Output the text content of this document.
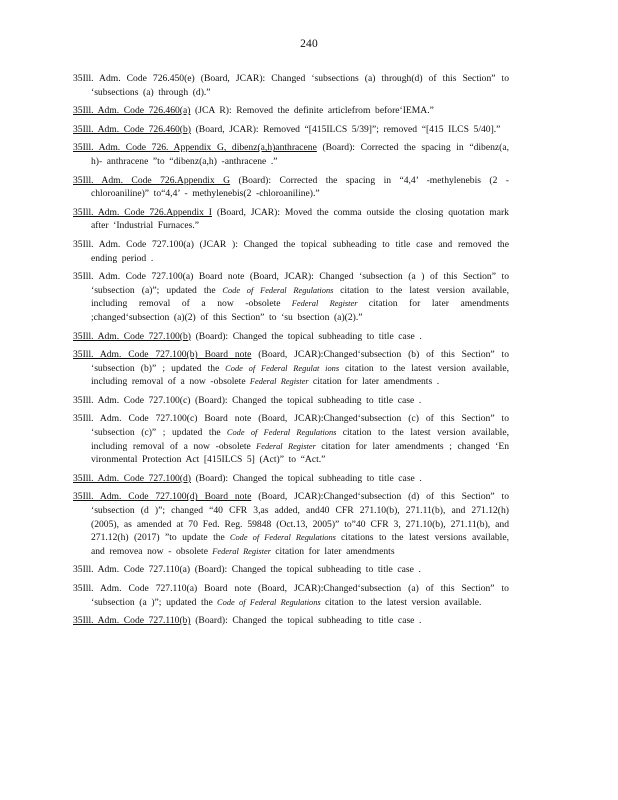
240
35Ill. Adm. Code 726.450(e) (Board, JCAR): Changed ‘subsections (a) through(d) of this Section” to ‘subsections (a) through (d).”
35Ill. Adm. Code 726.460(a) (JCA R): Removed the definite articlefrom before‘IEMA.”
35Ill. Adm. Code 726.460(b) (Board, JCAR): Removed “[415ILCS 5/39]”; removed “[415 ILCS 5/40].”
35Ill. Adm. Code 726. Appendix G, dibenz(a,h)anthracene (Board): Corrected the spacing in “dibenz(a, h)- anthracene ”to “dibenz(a,h) -anthracene .”
35Ill. Adm. Code 726.Appendix G (Board): Corrected the spacing in “4,4’ -methylenebis (2 -chloroaniline)” to“4,4’ - methylenebis(2 -chloroaniline).”
35Ill. Adm. Code 726.Appendix I (Board, JCAR): Moved the comma outside the closing quotation mark after ‘Industrial Furnaces.”
35Ill. Adm. Code 727.100(a) (JCAR ): Changed the topical subheading to title case and removed the ending period .
35Ill. Adm. Code 727.100(a) Board note (Board, JCAR): Changed ‘subsection (a ) of this Section” to ‘subsection (a)”; updated the Code of Federal Regulations citation to the latest version available, including removal of a now -obsolete Federal Register citation for later amendments ;changed‘subsection (a)(2) of this Section” to ‘su bsection (a)(2).”
35Ill. Adm. Code 727.100(b) (Board): Changed the topical subheading to title case .
35Ill. Adm. Code 727.100(b) Board note (Board, JCAR):Changed‘subsection (b) of this Section” to ‘subsection (b)” ; updated the Code of Federal Regulat ions citation to the latest version available, including removal of a now -obsolete Federal Register citation for later amendments .
35Ill. Adm. Code 727.100(c) (Board): Changed the topical subheading to title case .
35Ill. Adm. Code 727.100(c) Board note (Board, JCAR):Changed‘subsection (c) of this Section” to ‘subsection (c)” ; updated the Code of Federal Regulations citation to the latest version available, including removal of a now -obsolete Federal Register citation for later amendments ; changed ‘En vironmental Protection Act [415ILCS 5] (Act)” to “Act.”
35Ill. Adm. Code 727.100(d) (Board): Changed the topical subheading to title case .
35Ill. Adm. Code 727.100(d) Board note (Board, JCAR):Changed‘subsection (d) of this Section” to ‘subsection (d )”; changed “40 CFR 3,as added, and40 CFR 271.10(b), 271.11(b), and 271.12(h) (2005), as amended at 70 Fed. Reg. 59848 (Oct.13, 2005)” to”40 CFR 3, 271.10(b), 271.11(b), and 271.12(h) (2017) ”to update the Code of Federal Regulations citations to the latest versions available, and removea now - obsolete Federal Register citation for later amendments
35Ill. Adm. Code 727.110(a) (Board): Changed the topical subheading to title case .
35Ill. Adm. Code 727.110(a) Board note (Board, JCAR):Changed‘subsection (a) of this Section” to ‘subsection (a )”; updated the Code of Federal Regulations citation to the latest version available.
35Ill. Adm. Code 727.110(b) (Board): Changed the topical subheading to title case .
